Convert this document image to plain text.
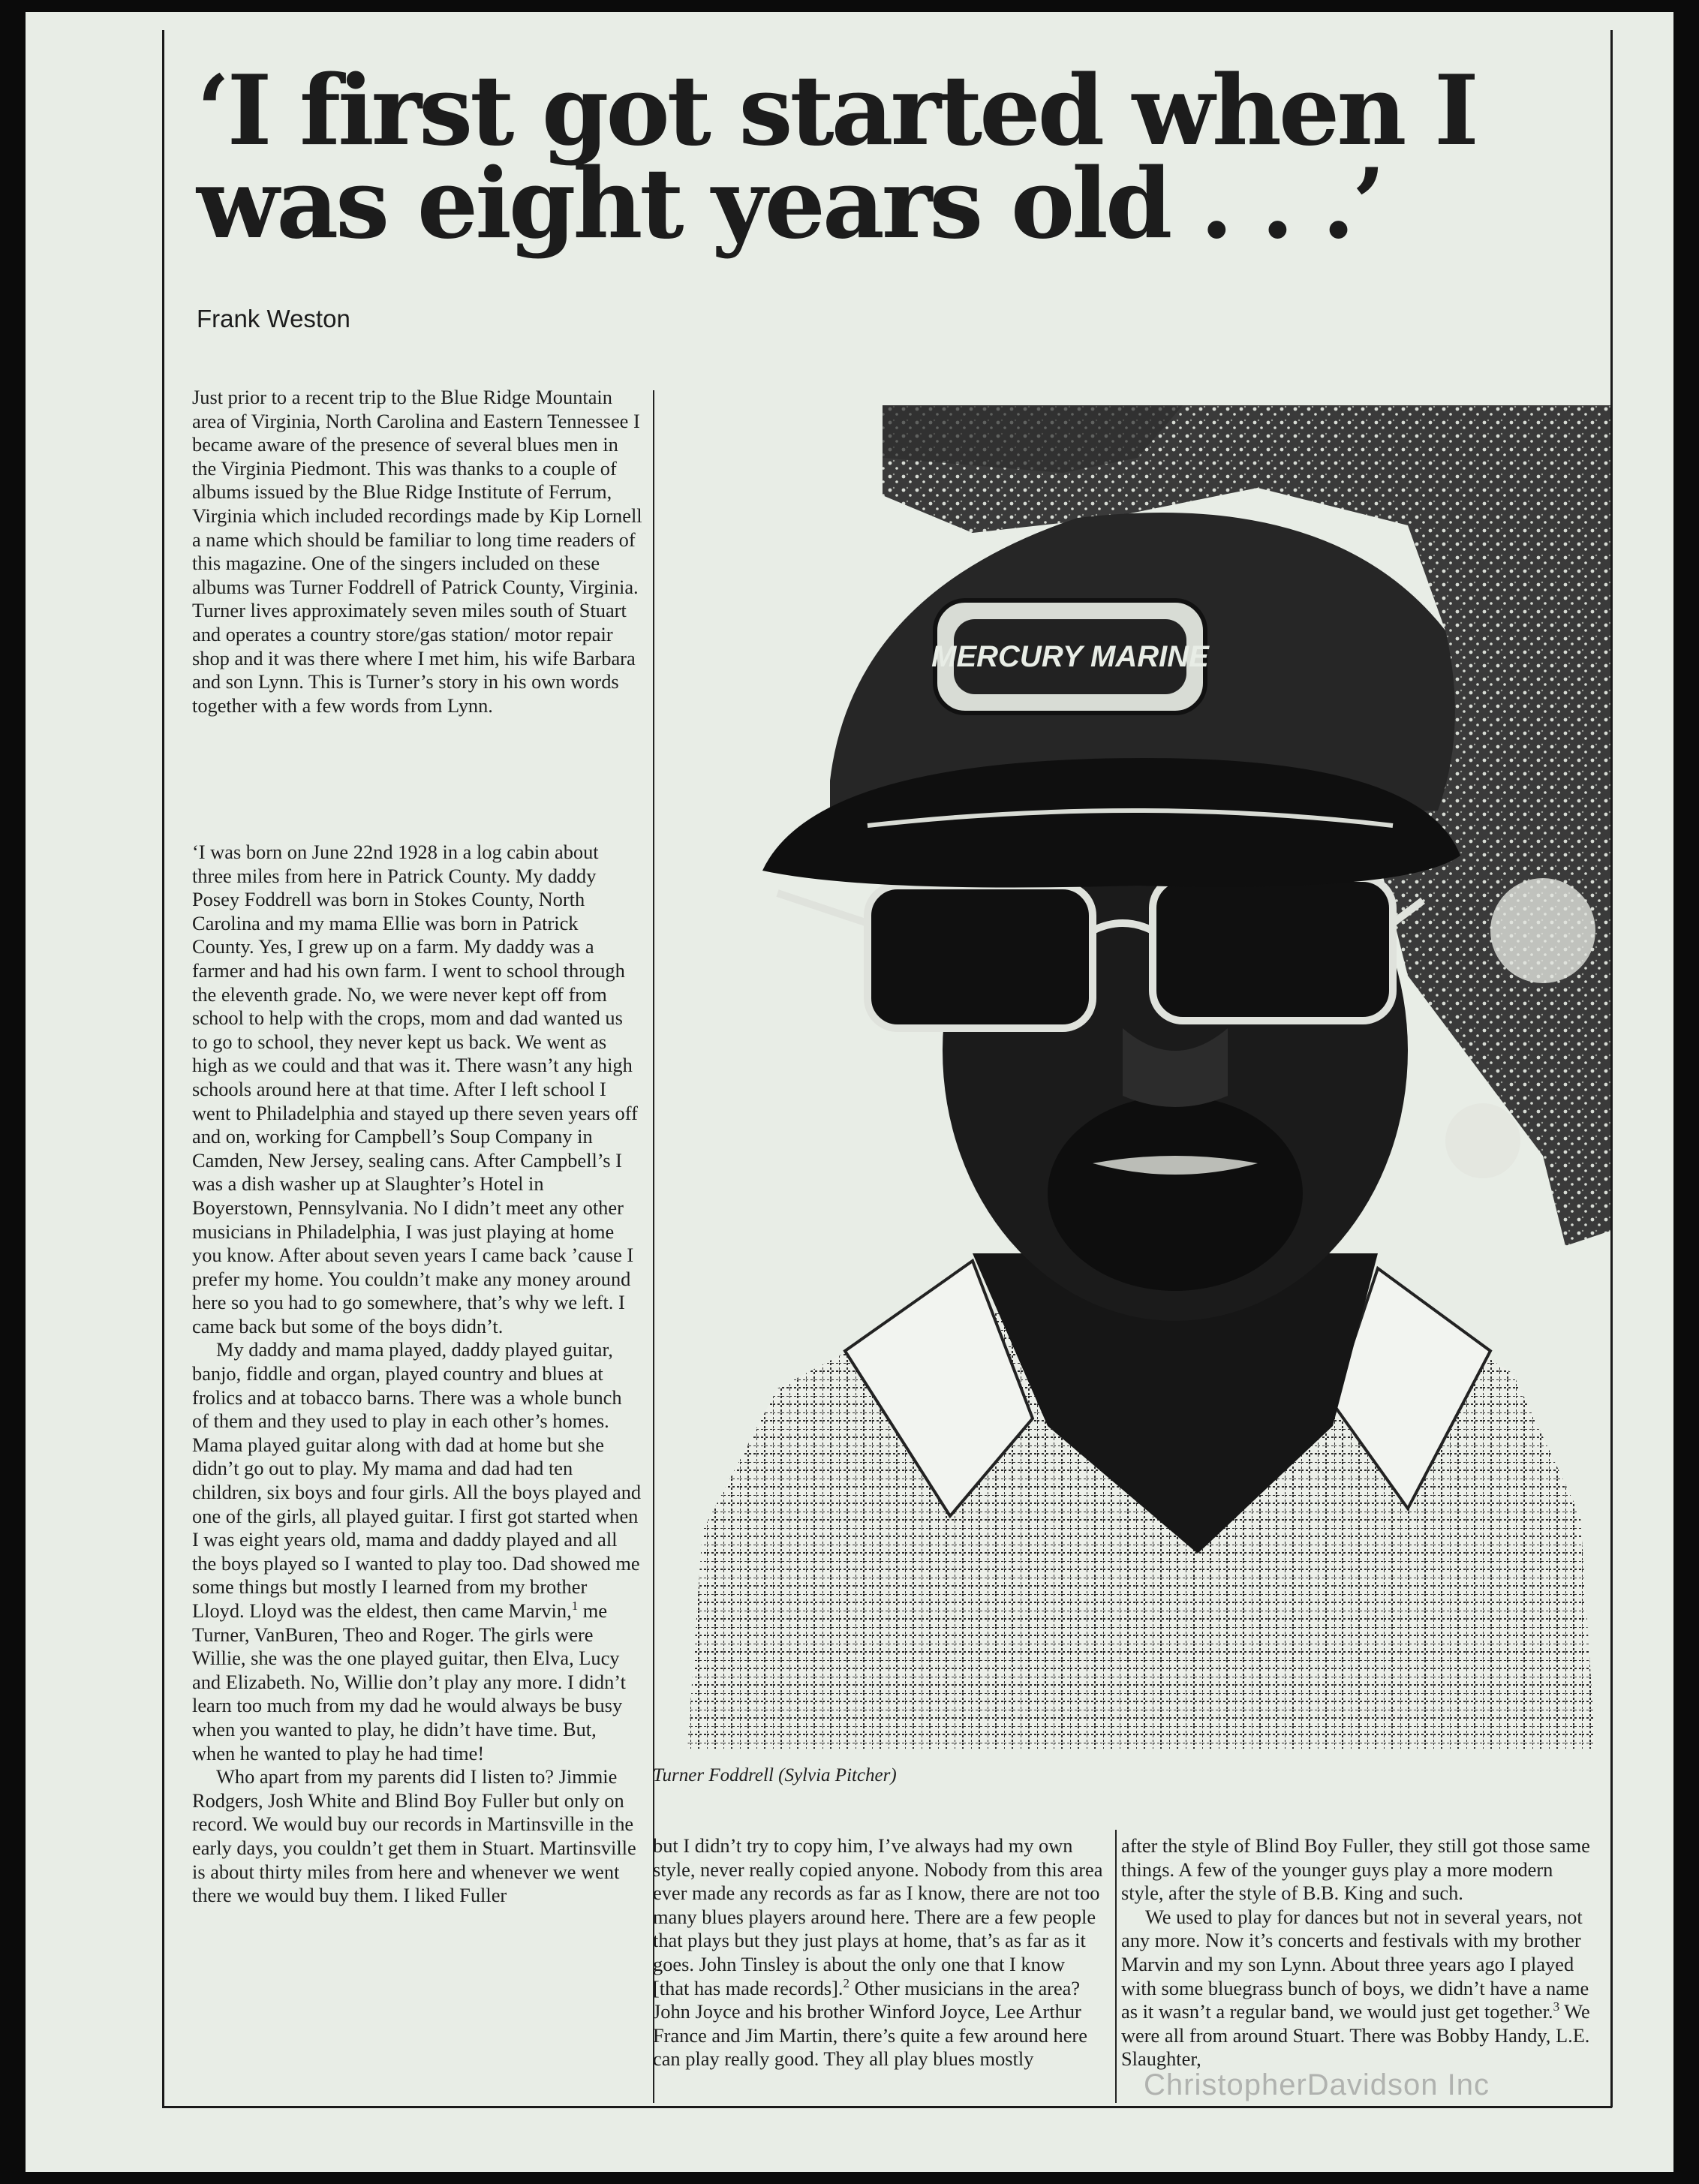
‘I first got started when I was eight years old . . .’
Frank Weston

Just prior to a recent trip to the Blue Ridge Mountain area of Virginia, North Carolina and Eastern Tennessee I became aware of the presence of several blues men in the Virginia Piedmont. This was thanks to a couple of albums issued by the Blue Ridge Institute of Ferrum, Virginia which included recordings made by Kip Lornell a name which should be familiar to long time readers of this magazine. One of the singers included on these albums was Turner Foddrell of Patrick County, Virginia. Turner lives approximately seven miles south of Stuart and operates a country store/gas station/ motor repair shop and it was there where I met him, his wife Barbara and son Lynn. This is Turner’s story in his own words together with a few words from Lynn.

‘I was born on June 22nd 1928 in a log cabin about three miles from here in Patrick County. My daddy Posey Foddrell was born in Stokes County, North Carolina and my mama Ellie was born in Patrick County. Yes, I grew up on a farm. My daddy was a farmer and had his own farm. I went to school through the eleventh grade. No, we were never kept off from school to help with the crops, mom and dad wanted us to go to school, they never kept us back. We went as high as we could and that was it. There wasn’t any high schools around here at that time. After I left school I went to Philadelphia and stayed up there seven years off and on, working for Campbell’s Soup Company in Camden, New Jersey, sealing cans. After Campbell’s I was a dish washer up at Slaughter’s Hotel in Boyerstown, Pennsylvania. No I didn’t meet any other musicians in Philadelphia, I was just playing at home you know. After about seven years I came back ’cause I prefer my home. You couldn’t make any money around here so you had to go somewhere, that’s why we left. I came back but some of the boys didn’t.

My daddy and mama played, daddy played guitar, banjo, fiddle and organ, played country and blues at frolics and at tobacco barns. There was a whole bunch of them and they used to play in each other’s homes. Mama played guitar along with dad at home but she didn’t go out to play. My mama and dad had ten children, six boys and four girls. All the boys played and one of the girls, all played guitar. I first got started when I was eight years old, mama and daddy played and all the boys played so I wanted to play too. Dad showed me some things but mostly I learned from my brother Lloyd. Lloyd was the eldest, then came Marvin,$^1$ me Turner, VanBuren, Theo and Roger. The girls were Willie, she was the one played guitar, then Elva, Lucy and Elizabeth. No, Willie don’t play any more. I didn’t learn too much from my dad he would always be busy when you wanted to play, he didn’t have time. But, when he wanted to play he had time!

Who apart from my parents did I listen to? Jimmie Rodgers, Josh White and Blind Boy Fuller but only on record. We would buy our records in Martinsville in the early days, you couldn’t get them in Stuart. Martinsville is about thirty miles from here and whenever we went there we would buy them. I liked Fuller

MERCURY MARINE
Turner Foddrell (Sylvia Pitcher)

but I didn’t try to copy him, I’ve always had my own style, never really copied anyone. Nobody from this area ever made any records as far as I know, there are not too many blues players around here. There are a few people that plays but they just plays at home, that’s as far as it goes. John Tinsley is about the only one that I know [that has made records].$^2$ Other musicians in the area? John Joyce and his brother Winford Joyce, Lee Arthur France and Jim Martin, there’s quite a few around here can play really good. They all play blues mostly

after the style of Blind Boy Fuller, they still got those same things. A few of the younger guys play a more modern style, after the style of B.B. King and such.

We used to play for dances but not in several years, not any more. Now it’s concerts and festivals with my brother Marvin and my son Lynn. About three years ago I played with some bluegrass bunch of boys, we didn’t have a name as it wasn’t a regular band, we would just get together.$^3$ We were all from around Stuart. There was Bobby Handy, L.E. Slaughter,

ChristopherDavidson Inc
